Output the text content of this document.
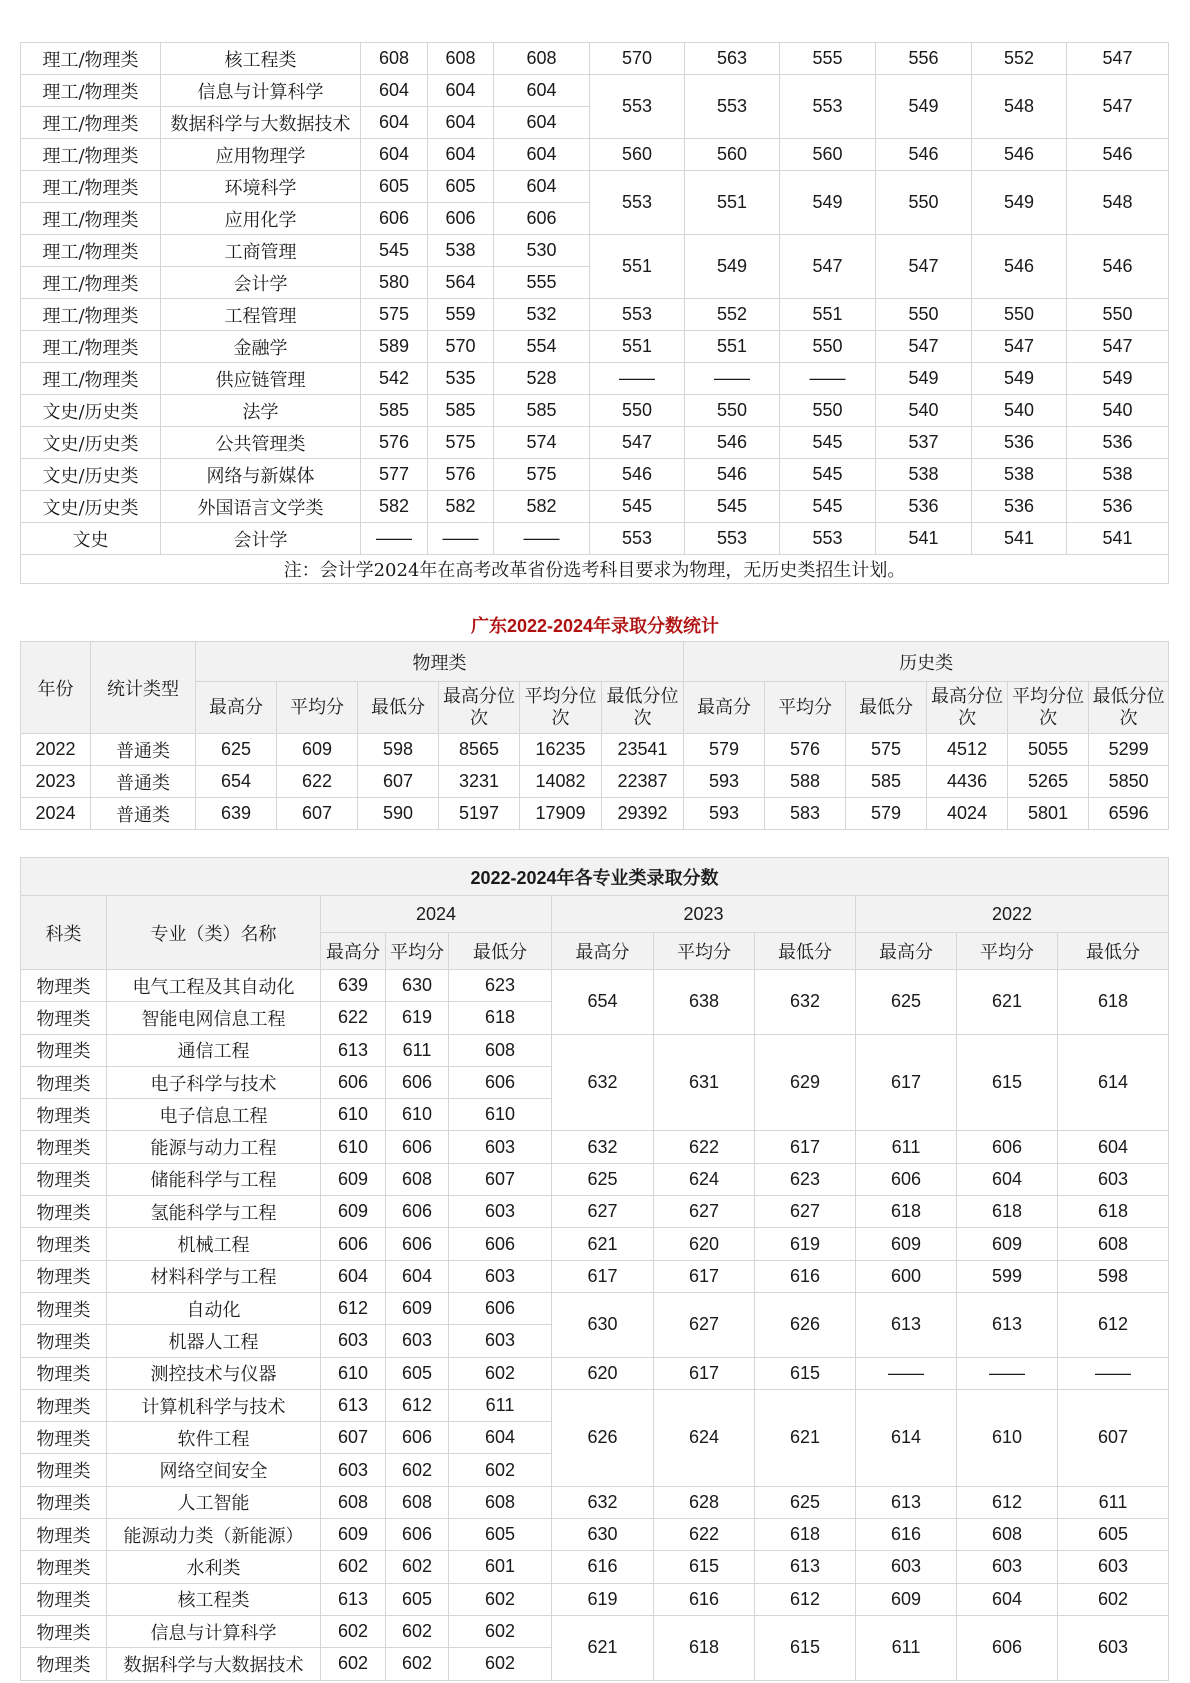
理工/物理类	核工程类	608	608	608	570	563	555	556	552	547
理工/物理类	信息与计算科学	604	604	604	553	553	553	549	548	547
理工/物理类	数据科学与大数据技术	604	604	604						
理工/物理类	应用物理学	604	604	604	560	560	560	546	546	546
理工/物理类	环境科学	605	605	604	553	551	549	550	549	548
理工/物理类	应用化学	606	606	606						
理工/物理类	工商管理	545	538	530	551	549	547	547	546	546
理工/物理类	会计学	580	564	555						
理工/物理类	工程管理	575	559	532	553	552	551	550	550	550
理工/物理类	金融学	589	570	554	551	551	550	547	547	547
理工/物理类	供应链管理	542	535	528	——	——	——	549	549	549
文史/历史类	法学	585	585	585	550	550	550	540	540	540
文史/历史类	公共管理类	576	575	574	547	546	545	537	536	536
文史/历史类	网络与新媒体	577	576	575	546	546	545	538	538	538
文史/历史类	外国语言文学类	582	582	582	545	545	545	536	536	536
文史	会计学	——	——	——	553	553	553	541	541	541
注：会计学2024年在高考改革省份选考科目要求为物理，无历史类招生计划。										
广东2022-2024年录取分数统计
年份	统计类型	物理类						历史类					
		最高分	平均分	最低分	最高分位次	平均分位次	最低分位次	最高分	平均分	最低分	最高分位次	平均分位次	最低分位次
2022	普通类	625	609	598	8565	16235	23541	579	576	575	4512	5055	5299
2023	普通类	654	622	607	3231	14082	22387	593	588	585	4436	5265	5850
2024	普通类	639	607	590	5197	17909	29392	593	583	579	4024	5801	6596
2022-2024年各专业类录取分数										
科类	专业（类）名称	2024			2023			2022		
		最高分	平均分	最低分	最高分	平均分	最低分	最高分	平均分	最低分
物理类	电气工程及其自动化	639	630	623	654	638	632	625	621	618
物理类	智能电网信息工程	622	619	618						
物理类	通信工程	613	611	608	632	631	629	617	615	614
物理类	电子科学与技术	606	606	606						
物理类	电子信息工程	610	610	610						
物理类	能源与动力工程	610	606	603	632	622	617	611	606	604
物理类	储能科学与工程	609	608	607	625	624	623	606	604	603
物理类	氢能科学与工程	609	606	603	627	627	627	618	618	618
物理类	机械工程	606	606	606	621	620	619	609	609	608
物理类	材料科学与工程	604	604	603	617	617	616	600	599	598
物理类	自动化	612	609	606	630	627	626	613	613	612
物理类	机器人工程	603	603	603						
物理类	测控技术与仪器	610	605	602	620	617	615	——	——	——
物理类	计算机科学与技术	613	612	611	626	624	621	614	610	607
物理类	软件工程	607	606	604						
物理类	网络空间安全	603	602	602						
物理类	人工智能	608	608	608	632	628	625	613	612	611
物理类	能源动力类（新能源）	609	606	605	630	622	618	616	608	605
物理类	水利类	602	602	601	616	615	613	603	603	603
物理类	核工程类	613	605	602	619	616	612	609	604	602
物理类	信息与计算科学	602	602	602	621	618	615	611	606	603
物理类	数据科学与大数据技术	602	602	602						
